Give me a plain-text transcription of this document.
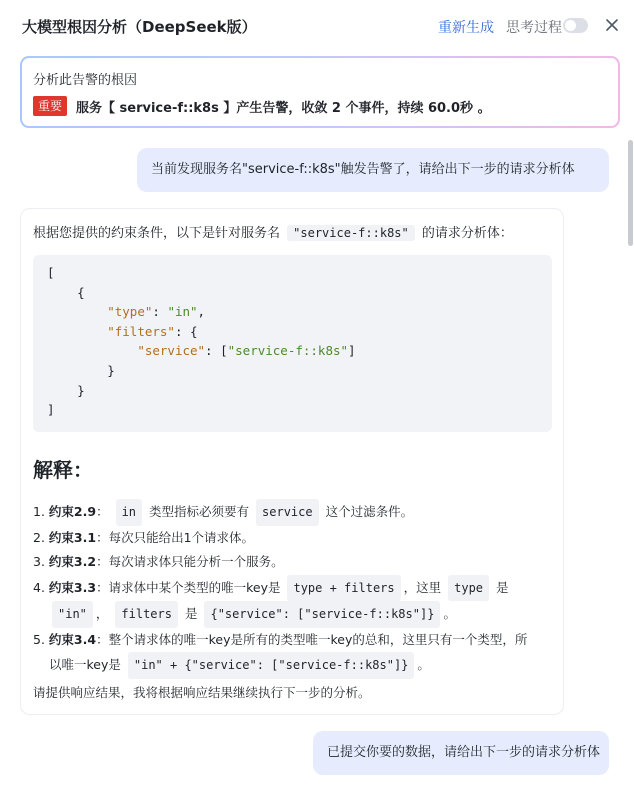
大模型根因分析（DeepSeek版）	重新生成 思考过程
分析此告警的根因
重要	服务【 service-f::k8s 】产生告警，收敛 2 个事件，持续 60.0秒 。
当前发现服务名"service-f::k8s"触发告警了，请给出下一步的请求分析体
根据您提供的约束条件，以下是针对服务名 "service-f::k8s" 的请求分析体：
[
{
"type": "in",
"filters": {
"service": ["service-f::k8s"]
}
}
]
解释：
1. 约束2.9： in 类型指标必须要有 service 这个过滤条件。
2. 约束3.1：每次只能给出1个请求体。
3. 约束3.2：每次请求体只能分析一个服务。
4. 约束3.3：请求体中某个类型的唯一key是 type + filters ，这里 type 是
"in" ， filters 是 {"service": ["service-f::k8s"]} 。
5. 约束3.4：整个请求体的唯一key是所有的类型唯一key的总和，这里只有一个类型，所
以唯一key是 "in" + {"service": ["service-f::k8s"]} 。
请提供响应结果，我将根据响应结果继续执行下一步的分析。
已提交你要的数据，请给出下一步的请求分析体
